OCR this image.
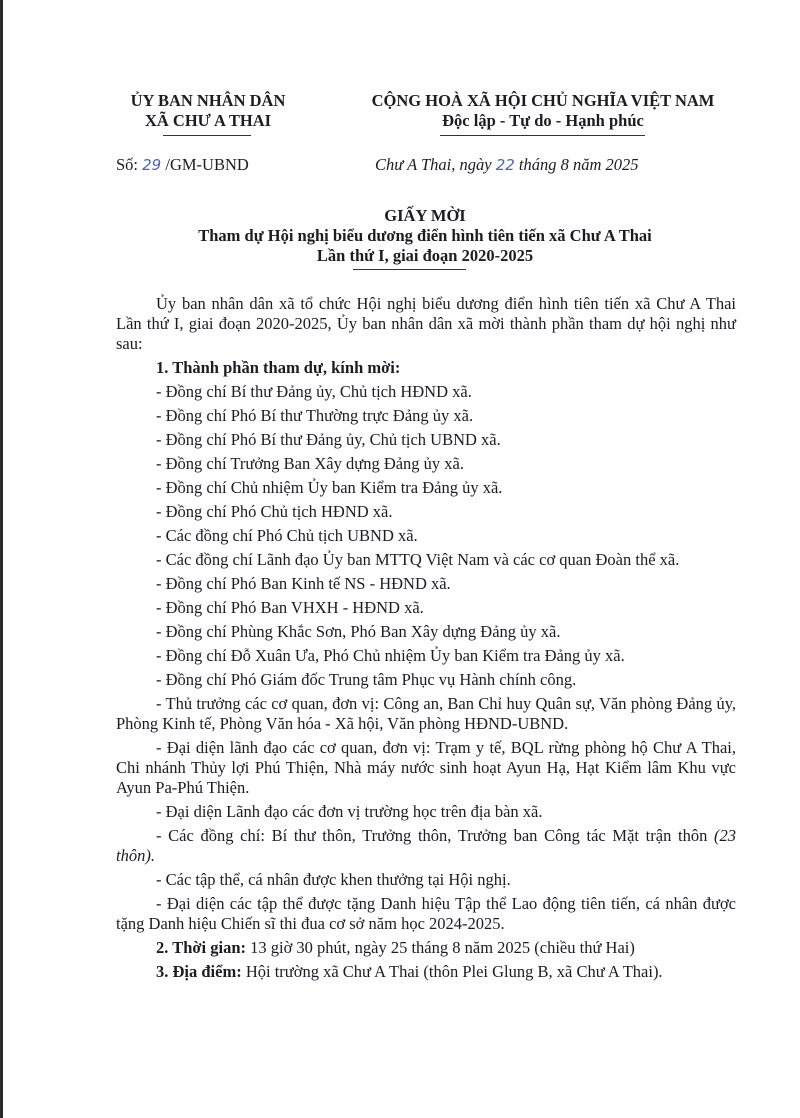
ỦY BAN NHÂN DÂN
XÃ CHƯ A THAI
CỘNG HOÀ XÃ HỘI CHỦ NGHĨA VIỆT NAM
Độc lập - Tự do - Hạnh phúc
Số: 29 /GM-UBND	Chư A Thai, ngày 22 tháng 8 năm 2025
GIẤY MỜI
Tham dự Hội nghị biểu dương điển hình tiên tiến xã Chư A Thai
Lần thứ I, giai đoạn 2020-2025

Ủy ban nhân dân xã tổ chức Hội nghị biểu dương điển hình tiên tiến xã Chư A Thai Lần thứ I, giai đoạn 2020-2025, Ủy ban nhân dân xã mời thành phần tham dự hội nghị như sau:

1. Thành phần tham dự, kính mời:
- Đồng chí Bí thư Đảng ủy, Chủ tịch HĐND xã.
- Đồng chí Phó Bí thư Thường trực Đảng ủy xã.
- Đồng chí Phó Bí thư Đảng ủy, Chủ tịch UBND xã.
- Đồng chí Trưởng Ban Xây dựng Đảng ủy xã.
- Đồng chí Chủ nhiệm Ủy ban Kiểm tra Đảng ủy xã.
- Đồng chí Phó Chủ tịch HĐND xã.
- Các đồng chí Phó Chủ tịch UBND xã.
- Các đồng chí Lãnh đạo Ủy ban MTTQ Việt Nam và các cơ quan Đoàn thể xã.
- Đồng chí Phó Ban Kinh tế NS - HĐND xã.
- Đồng chí Phó Ban VHXH - HĐND xã.
- Đồng chí Phùng Khắc Sơn, Phó Ban Xây dựng Đảng ủy xã.
- Đồng chí Đỗ Xuân Ưa, Phó Chủ nhiệm Ủy ban Kiểm tra Đảng ủy xã.
- Đồng chí Phó Giám đốc Trung tâm Phục vụ Hành chính công.
- Thủ trưởng các cơ quan, đơn vị: Công an, Ban Chỉ huy Quân sự, Văn phòng Đảng ủy, Phòng Kinh tế, Phòng Văn hóa - Xã hội, Văn phòng HĐND-UBND.
- Đại diện lãnh đạo các cơ quan, đơn vị: Trạm y tế, BQL rừng phòng hộ Chư A Thai, Chi nhánh Thủy lợi Phú Thiện, Nhà máy nước sinh hoạt Ayun Hạ, Hạt Kiểm lâm Khu vực Ayun Pa-Phú Thiện.
- Đại diện Lãnh đạo các đơn vị trường học trên địa bàn xã.
- Các đồng chí: Bí thư thôn, Trưởng thôn, Trưởng ban Công tác Mặt trận thôn (23 thôn).
- Các tập thể, cá nhân được khen thưởng tại Hội nghị.
- Đại diện các tập thể được tặng Danh hiệu Tập thể Lao động tiên tiến, cá nhân được tặng Danh hiệu Chiến sĩ thi đua cơ sở năm học 2024-2025.
2. Thời gian: 13 giờ 30 phút, ngày 25 tháng 8 năm 2025 (chiều thứ Hai)
3. Địa điểm: Hội trường xã Chư A Thai (thôn Plei Glung B, xã Chư A Thai).
